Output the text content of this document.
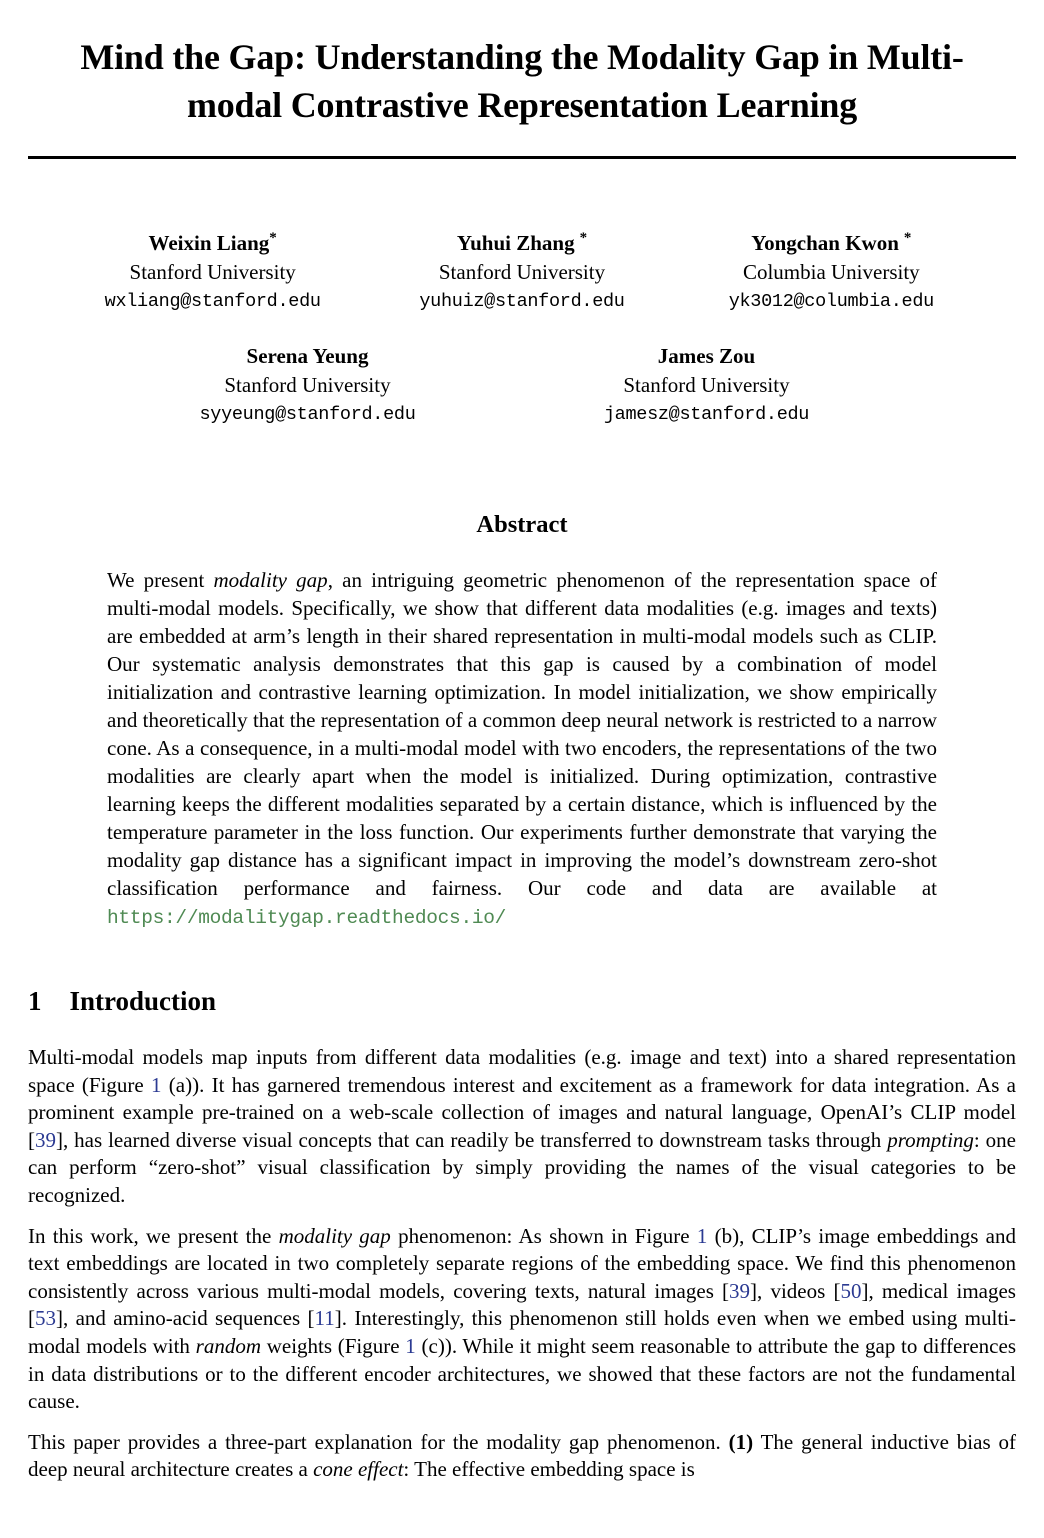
Mind the Gap: Understanding the Modality Gap in Multi-modal Contrastive Representation Learning
Weixin Liang*
Stanford University
wxliang@stanford.edu
Yuhui Zhang *
Stanford University
yuhuiz@stanford.edu
Yongchan Kwon *
Columbia University
yk3012@columbia.edu
Serena Yeung
Stanford University
syyeung@stanford.edu
James Zou
Stanford University
jamesz@stanford.edu
Abstract

We present modality gap, an intriguing geometric phenomenon of the representation space of multi-modal models. Specifically, we show that different data modalities (e.g. images and texts) are embedded at arm’s length in their shared representation in multi-modal models such as CLIP. Our systematic analysis demonstrates that this gap is caused by a combination of model initialization and contrastive learning optimization. In model initialization, we show empirically and theoretically that the representation of a common deep neural network is restricted to a narrow cone. As a consequence, in a multi-modal model with two encoders, the representations of the two modalities are clearly apart when the model is initialized. During optimization, contrastive learning keeps the different modalities separated by a certain distance, which is influenced by the temperature parameter in the loss function. Our experiments further demonstrate that varying the modality gap distance has a significant impact in improving the model’s downstream zero-shot classification performance and fairness. Our code and data are available at https://modalitygap.readthedocs.io/

1 Introduction

Multi-modal models map inputs from different data modalities (e.g. image and text) into a shared representation space (Figure 1 (a)). It has garnered tremendous interest and excitement as a framework for data integration. As a prominent example pre-trained on a web-scale collection of images and natural language, OpenAI’s CLIP model [39], has learned diverse visual concepts that can readily be transferred to downstream tasks through prompting: one can perform “zero-shot” visual classification by simply providing the names of the visual categories to be recognized.

In this work, we present the modality gap phenomenon: As shown in Figure 1 (b), CLIP’s image embeddings and text embeddings are located in two completely separate regions of the embedding space. We find this phenomenon consistently across various multi-modal models, covering texts, natural images [39], videos [50], medical images [53], and amino-acid sequences [11]. Interestingly, this phenomenon still holds even when we embed using multi-modal models with random weights (Figure 1 (c)). While it might seem reasonable to attribute the gap to differences in data distributions or to the different encoder architectures, we showed that these factors are not the fundamental cause.

This paper provides a three-part explanation for the modality gap phenomenon. (1) The general inductive bias of deep neural architecture creates a cone effect: The effective embedding space is
